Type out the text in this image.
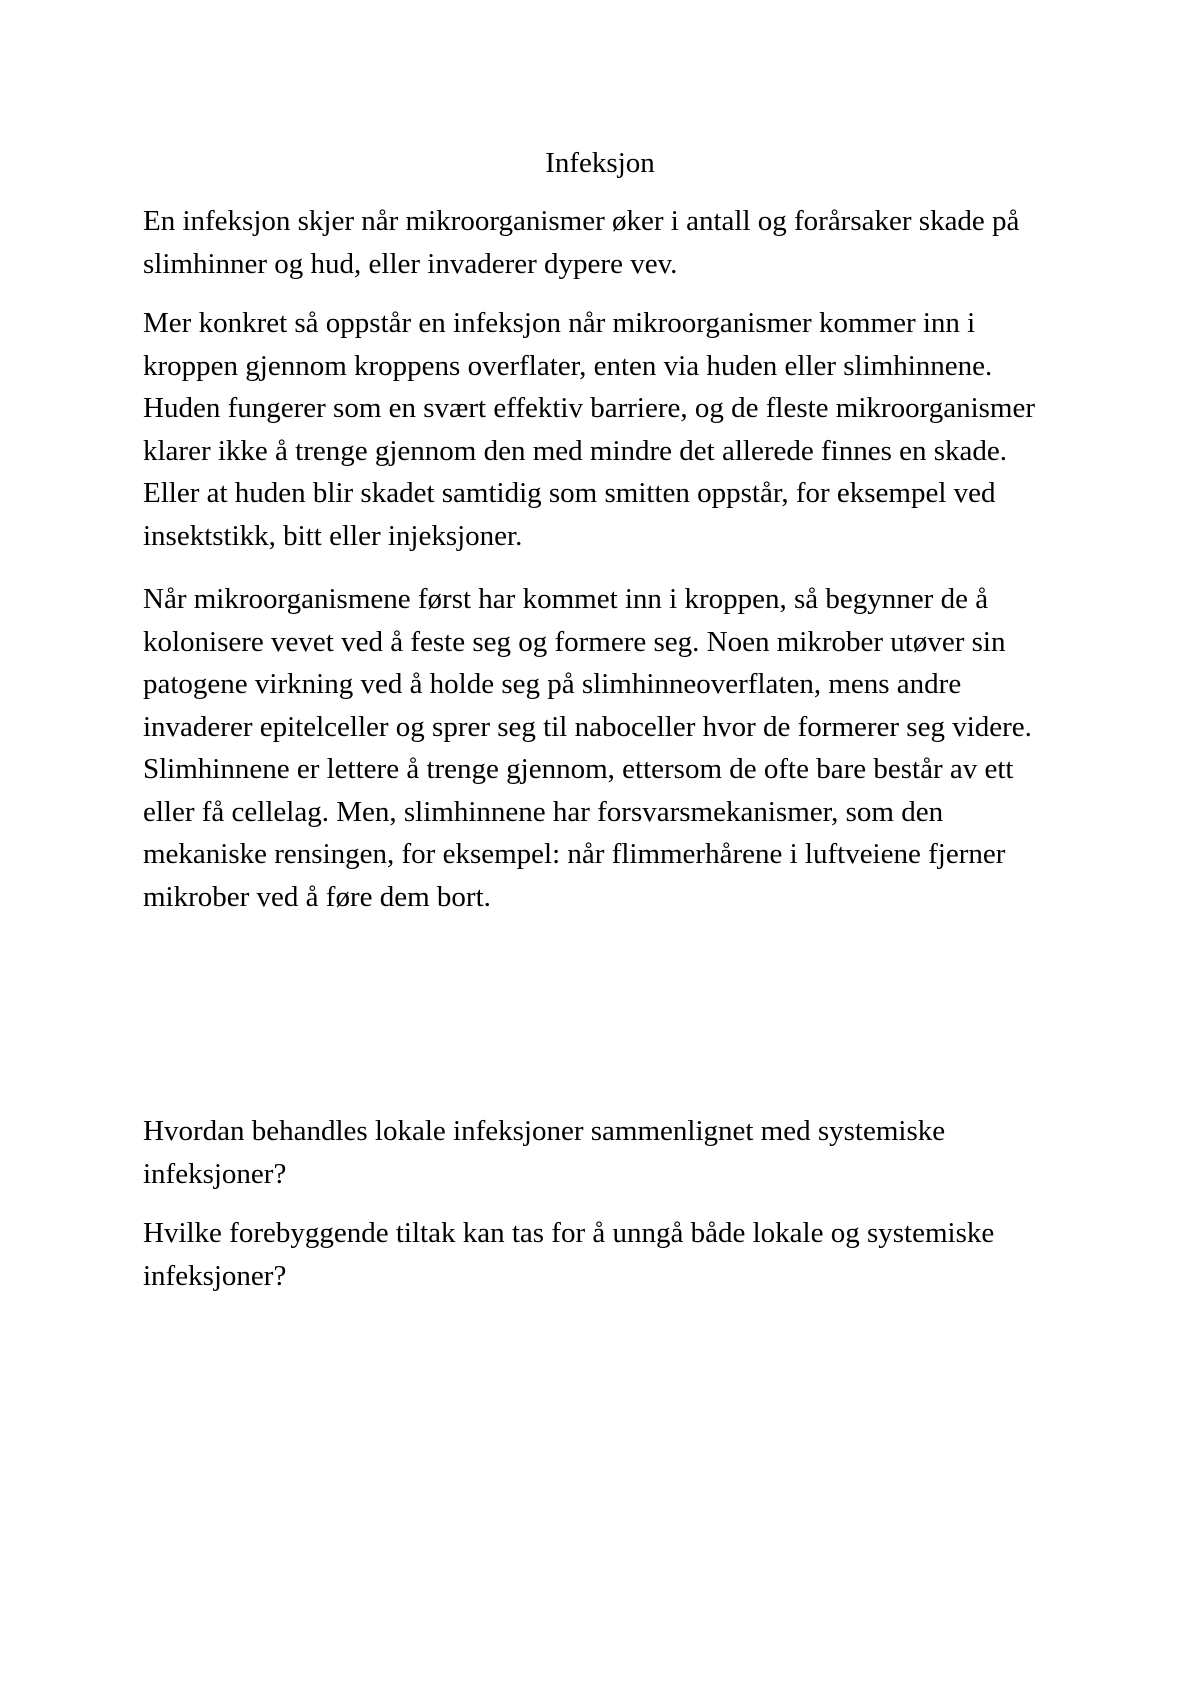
Infeksjon

En infeksjon skjer når mikroorganismer øker i antall og forårsaker skade på slimhinner og hud, eller invaderer dypere vev.

Mer konkret så oppstår en infeksjon når mikroorganismer kommer inn i kroppen gjennom kroppens overflater, enten via huden eller slimhinnene. Huden fungerer som en svært effektiv barriere, og de fleste mikroorganismer klarer ikke å trenge gjennom den med mindre det allerede finnes en skade. Eller at huden blir skadet samtidig som smitten oppstår, for eksempel ved insektstikk, bitt eller injeksjoner.

Når mikroorganismene først har kommet inn i kroppen, så begynner de å kolonisere vevet ved å feste seg og formere seg. Noen mikrober utøver sin patogene virkning ved å holde seg på slimhinneoverflaten, mens andre invaderer epitelceller og sprer seg til naboceller hvor de formerer seg videre. Slimhinnene er lettere å trenge gjennom, ettersom de ofte bare består av ett eller få cellelag. Men, slimhinnene har forsvarsmekanismer, som den mekaniske rensingen, for eksempel: når flimmerhårene i luftveiene fjerner mikrober ved å føre dem bort.

Hvordan behandles lokale infeksjoner sammenlignet med systemiske infeksjoner?

Hvilke forebyggende tiltak kan tas for å unngå både lokale og systemiske infeksjoner?
